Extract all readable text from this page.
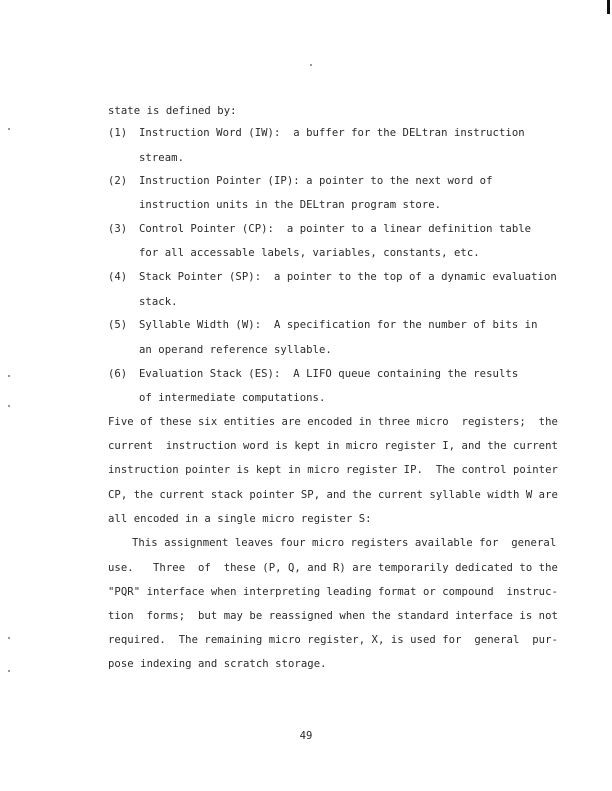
state is defined by:
(1) Instruction Word (IW):  a buffer for the DELtran instruction
stream.
(2) Instruction Pointer (IP): a pointer to the next word of
instruction units in the DELtran program store.
(3) Control Pointer (CP):  a pointer to a linear definition table
for all accessable labels, variables, constants, etc.
(4) Stack Pointer (SP):  a pointer to the top of a dynamic evaluation
stack.
(5) Syllable Width (W):  A specification for the number of bits in
an operand reference syllable.
(6) Evaluation Stack (ES):  A LIFO queue containing the results
of intermediate computations.
Five of these six entities are encoded in three micro  registers;  the
current  instruction word is kept in micro register I, and the current
instruction pointer is kept in micro register IP.  The control pointer
CP, the current stack pointer SP, and the current syllable width W are
all encoded in a single micro register S:
This assignment leaves four micro registers available for  general
use.   Three  of  these (P, Q, and R) are temporarily dedicated to the
"PQR" interface when interpreting leading format or compound  instruc-
tion  forms;  but may be reassigned when the standard interface is not
required.  The remaining micro register, X, is used for  general  pur-
pose indexing and scratch storage.
49
